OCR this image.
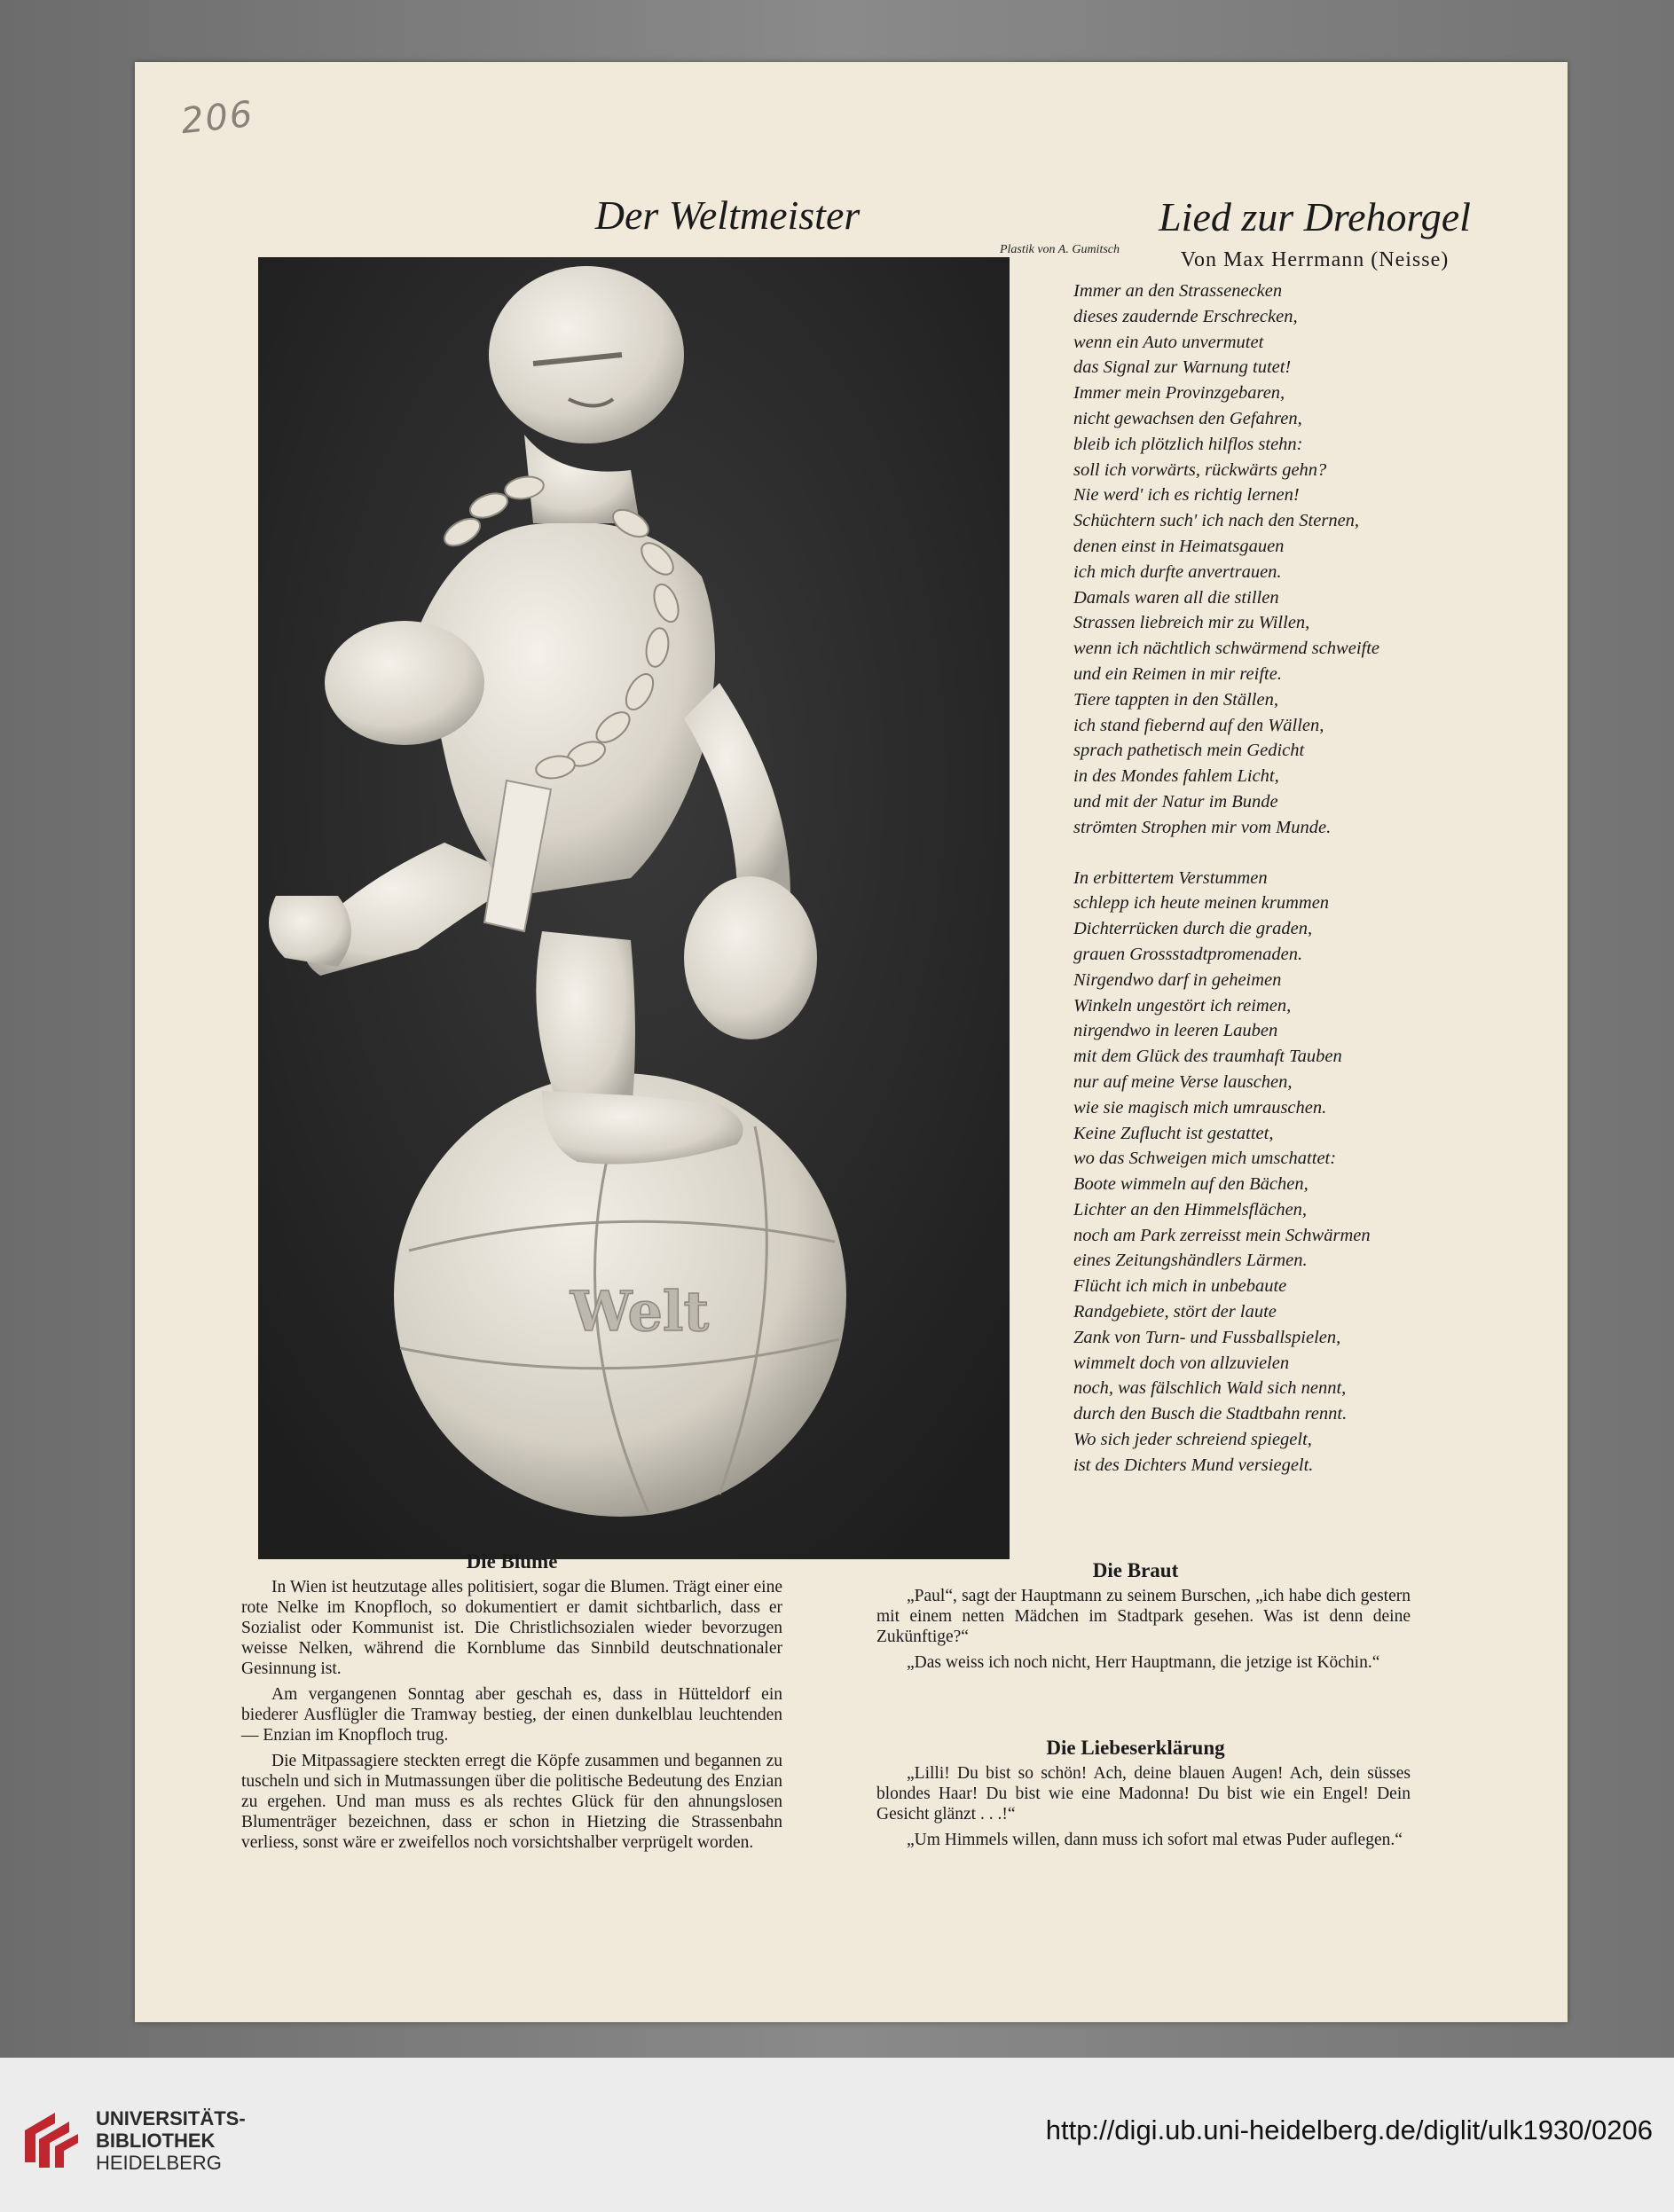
206
Der Weltmeister
Plastik von A. Gumitsch
Welt
Lied zur Drehorgel
Von Max Herrmann (Neisse)
Immer an den Strassenecken
dieses zaudernde Erschrecken,
wenn ein Auto unvermutet
das Signal zur Warnung tutet!
Immer mein Provinzgebaren,
nicht gewachsen den Gefahren,
bleib ich plötzlich hilflos stehn:
soll ich vorwärts, rückwärts gehn?
Nie werd' ich es richtig lernen!
Schüchtern such' ich nach den Sternen,
denen einst in Heimatsgauen
ich mich durfte anvertrauen.
Damals waren all die stillen
Strassen liebreich mir zu Willen,
wenn ich nächtlich schwärmend schweifte
und ein Reimen in mir reifte.
Tiere tappten in den Ställen,
ich stand fiebernd auf den Wällen,
sprach pathetisch mein Gedicht
in des Mondes fahlem Licht,
und mit der Natur im Bunde
strömten Strophen mir vom Munde.
In erbittertem Verstummen
schlepp ich heute meinen krummen
Dichterrücken durch die graden,
grauen Grossstadtpromenaden.
Nirgendwo darf in geheimen
Winkeln ungestört ich reimen,
nirgendwo in leeren Lauben
mit dem Glück des traumhaft Tauben
nur auf meine Verse lauschen,
wie sie magisch mich umrauschen.
Keine Zuflucht ist gestattet,
wo das Schweigen mich umschattet:
Boote wimmeln auf den Bächen,
Lichter an den Himmelsflächen,
noch am Park zerreisst mein Schwärmen
eines Zeitungshändlers Lärmen.
Flücht ich mich in unbebaute
Randgebiete, stört der laute
Zank von Turn- und Fussballspielen,
wimmelt doch von allzuvielen
noch, was fälschlich Wald sich nennt,
durch den Busch die Stadtbahn rennt.
Wo sich jeder schreiend spiegelt,
ist des Dichters Mund versiegelt.
Die Blume

In Wien ist heutzutage alles politisiert, sogar die Blumen. Trägt einer eine rote Nelke im Knopfloch, so dokumentiert er damit sichtbarlich, dass er Sozialist oder Kommunist ist. Die Christlichsozialen wieder bevorzugen weisse Nelken, während die Kornblume das Sinnbild deutschnationaler Gesinnung ist.

Am vergangenen Sonntag aber geschah es, dass in Hütteldorf ein biederer Ausflügler die Tramway bestieg, der einen dunkelblau leuchtenden — Enzian im Knopfloch trug.

Die Mitpassagiere steckten erregt die Köpfe zusammen und begannen zu tuscheln und sich in Mutmassungen über die politische Bedeutung des Enzian zu ergehen. Und man muss es als rechtes Glück für den ahnungslosen Blumenträger bezeichnen, dass er schon in Hietzing die Strassenbahn verliess, sonst wäre er zweifellos noch vorsichtshalber verprügelt worden.

Die Braut

„Paul“, sagt der Hauptmann zu seinem Burschen, „ich habe dich gestern mit einem netten Mädchen im Stadtpark gesehen. Was ist denn deine Zukünftige?“

„Das weiss ich noch nicht, Herr Hauptmann, die jetzige ist Köchin.“

Die Liebeserklärung

„Lilli! Du bist so schön! Ach, deine blauen Augen! Ach, dein süsses blondes Haar! Du bist wie eine Madonna! Du bist wie ein Engel! Dein Gesicht glänzt . . .!“

„Um Himmels willen, dann muss ich sofort mal etwas Puder auflegen.“

UNIVERSITÄTS-
BIBLIOTHEK
HEIDELBERG
http://digi.ub.uni-heidelberg.de/diglit/ulk1930/0206
